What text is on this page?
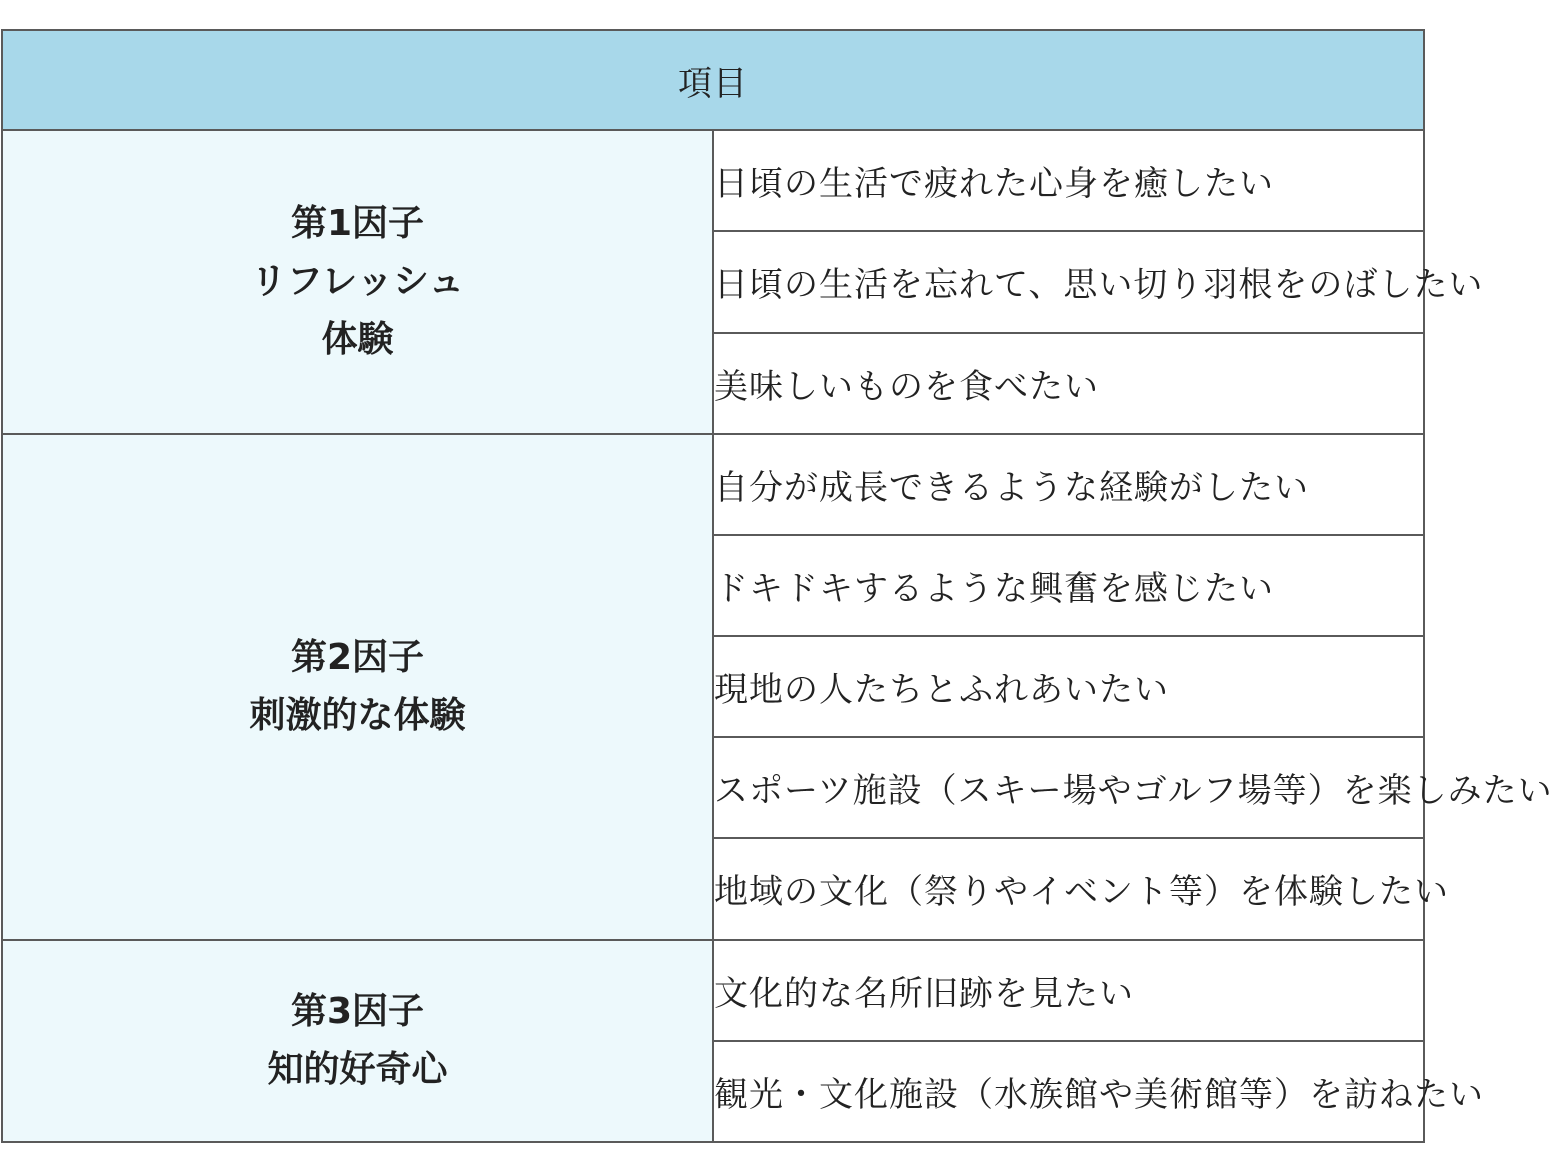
項目	

第1因子
リフレッシュ
体験	日頃の生活で疲れた心身を癒したい
	日頃の生活を忘れて、思い切り羽根をのばしたい
	美味しいものを食べたい

第2因子
刺激的な体験	自分が成長できるような経験がしたい
	ドキドキするような興奮を感じたい
	現地の人たちとふれあいたい
	スポーツ施設（スキー場やゴルフ場等）を楽しみたい
	地域の文化（祭りやイベント等）を体験したい

第3因子
知的好奇心	文化的な名所旧跡を見たい
	観光・文化施設（水族館や美術館等）を訪ねたい
